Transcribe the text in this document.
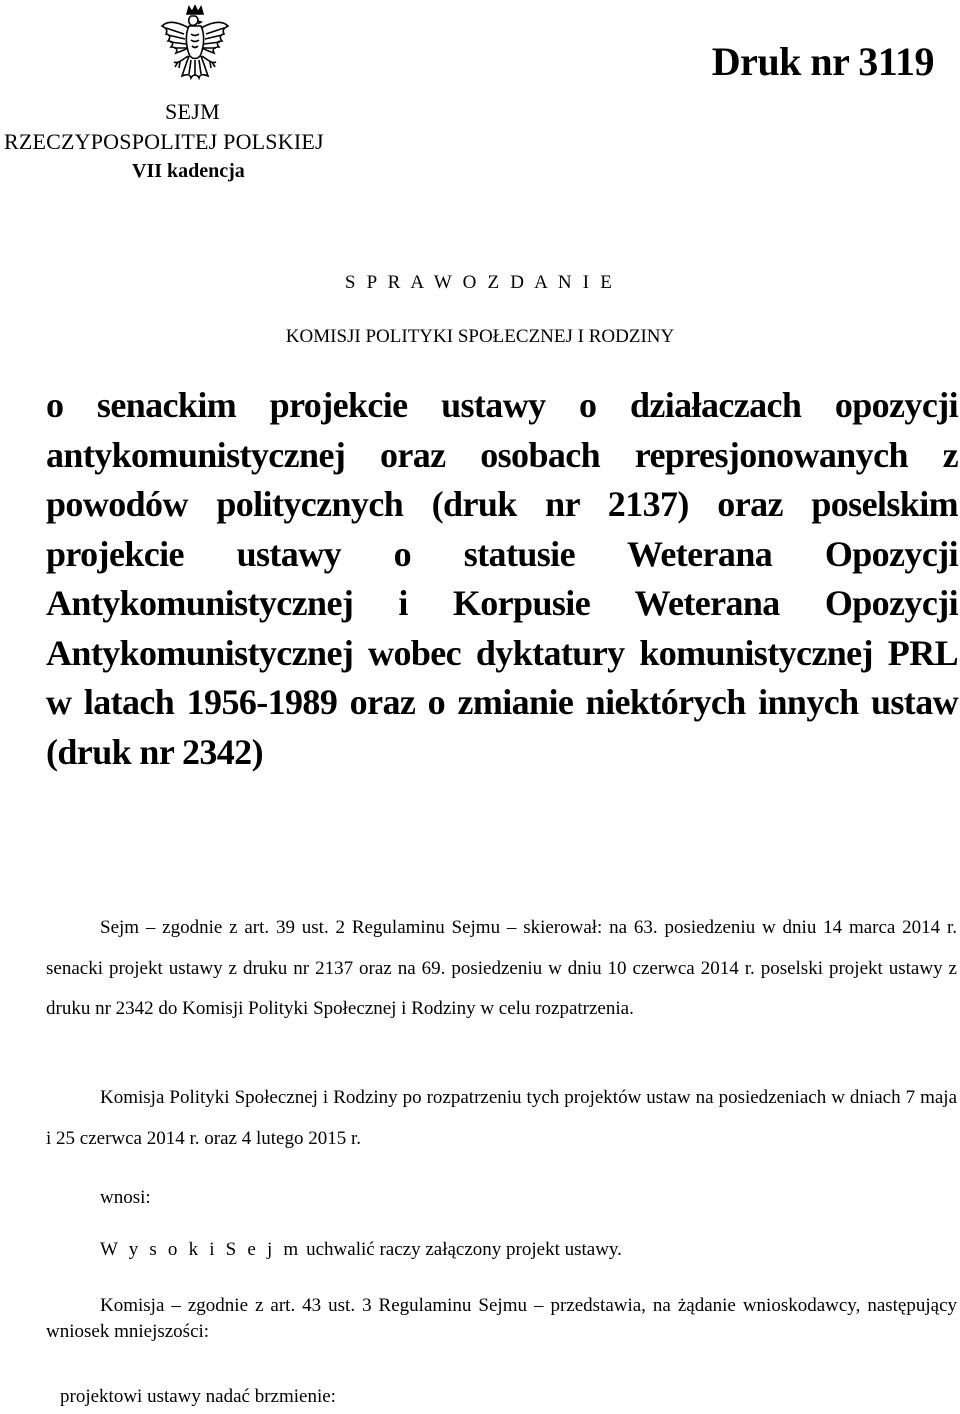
Druk nr 3119
SEJM
RZECZYPOSPOLITEJ POLSKIEJ
VII kadencja
S P R A W O Z D A N I E
KOMISJI POLITYKI SPOŁECZNEJ I RODZINY
o senackim projekcie ustawy o działaczach opozycji antykomunistycznej oraz osobach represjonowanych z powodów politycznych (druk nr 2137) oraz poselskim projekcie ustawy o statusie Weterana Opozycji Antykomunistycznej i Korpusie Weterana Opozycji Antykomunistycznej wobec dyktatury komunistycznej PRL w latach 1956-1989 oraz o zmianie niektórych innych ustaw (druk nr 2342)
Sejm – zgodnie z art. 39 ust. 2 Regulaminu Sejmu – skierował: na 63. posiedzeniu w dniu 14 marca 2014 r. senacki projekt ustawy z druku nr 2137 oraz na 69. posiedzeniu w dniu 10 czerwca 2014 r. poselski projekt ustawy z druku nr 2342 do Komisji Polityki Społecznej i Rodziny w celu rozpatrzenia.
Komisja Polityki Społecznej i Rodziny po rozpatrzeniu tych projektów ustaw na posiedzeniach w dniach 7 maja i 25 czerwca 2014 r. oraz 4 lutego 2015 r.
wnosi:
W y s o k i S e j m uchwalić raczy załączony projekt ustawy.
Komisja – zgodnie z art. 43 ust. 3 Regulaminu Sejmu – przedstawia, na żądanie wnioskodawcy, następujący wniosek mniejszości:
projektowi ustawy nadać brzmienie:
